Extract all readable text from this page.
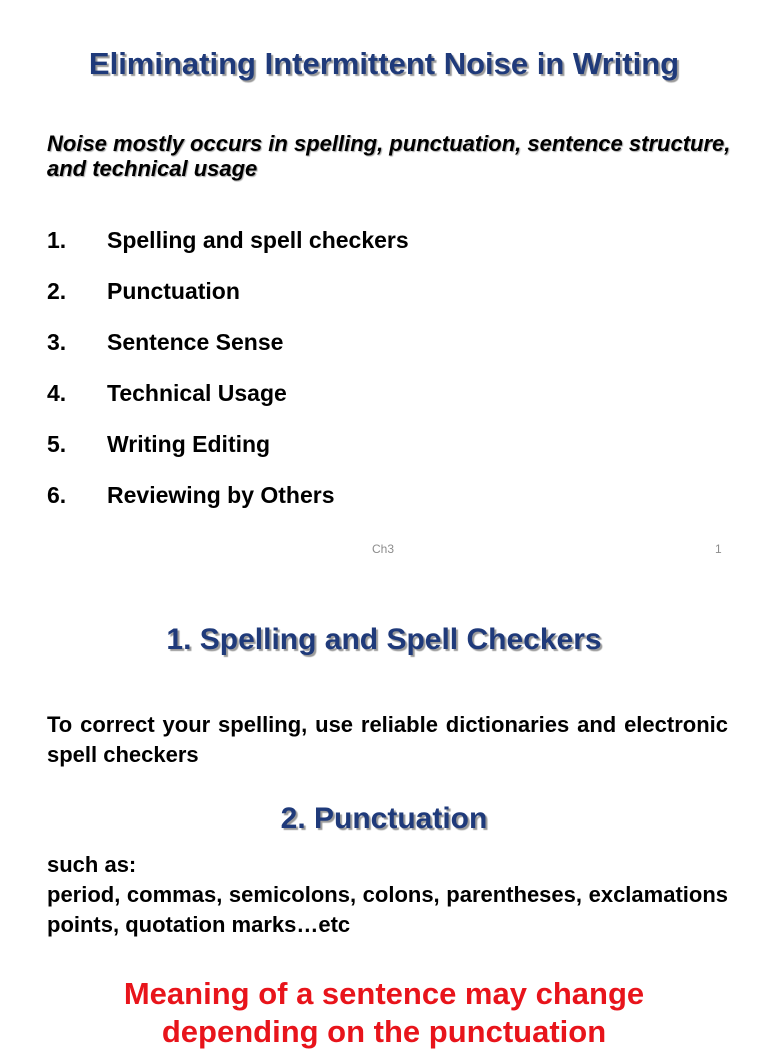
Eliminating Intermittent Noise in Writing

Noise mostly occurs in spelling, punctuation, sentence structure, and technical usage

1.	Spelling and spell checkers
2.	Punctuation
3.	Sentence Sense
4.	Technical Usage
5.	Writing Editing
6.	Reviewing by Others
Ch3	1
1. Spelling and Spell Checkers

To correct your spelling, use reliable dictionaries and electronic spell checkers

2. Punctuation

such as:

period, commas, semicolons, colons, parentheses, exclamations points, quotation marks…etc

Meaning of a sentence may change

depending on the punctuation
